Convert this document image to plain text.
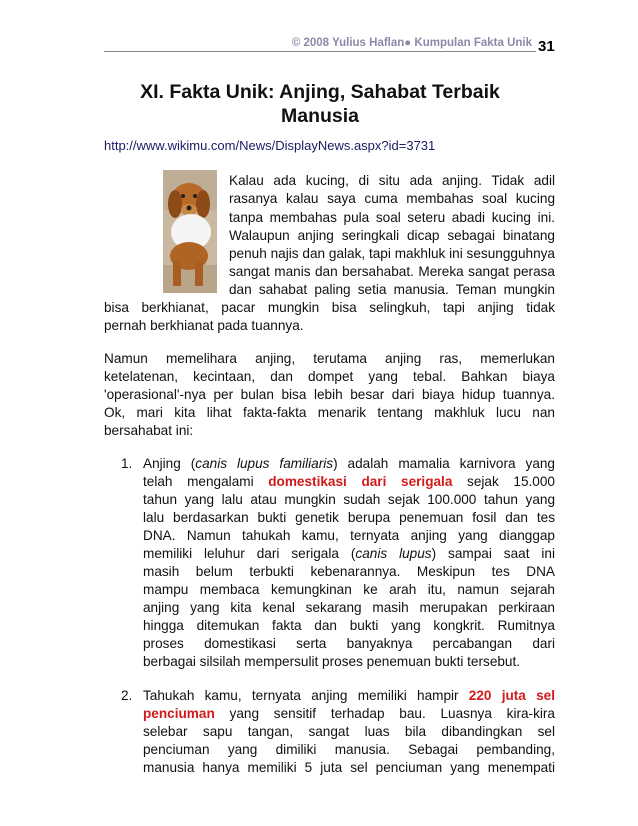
© 2008 Yulius Haflan● Kumpulan Fakta Unik 31
XI. Fakta Unik: Anjing, Sahabat Terbaik
Manusia
http://www.wikimu.com/News/DisplayNews.aspx?id=3731
Kalau ada kucing, di situ ada anjing. Tidak adil
rasanya kalau saya cuma membahas soal kucing
tanpa membahas pula soal seteru abadi kucing ini.
Walaupun anjing seringkali dicap sebagai binatang
penuh najis dan galak, tapi makhluk ini sesungguhnya
sangat manis dan bersahabat. Mereka sangat perasa
dan sahabat paling setia manusia. Teman mungkin
bisa berkhianat, pacar mungkin bisa selingkuh, tapi anjing tidak
pernah berkhianat pada tuannya.
Namun memelihara anjing, terutama anjing ras, memerlukan
ketelatenan, kecintaan, dan dompet yang tebal. Bahkan biaya
'operasional'-nya per bulan bisa lebih besar dari biaya hidup tuannya.
Ok, mari kita lihat fakta-fakta menarik tentang makhluk lucu nan
bersahabat ini:
1. Anjing (canis lupus familiaris) adalah mamalia karnivora yang
telah mengalami domestikasi dari serigala sejak 15.000
tahun yang lalu atau mungkin sudah sejak 100.000 tahun yang
lalu berdasarkan bukti genetik berupa penemuan fosil dan tes
DNA. Namun tahukah kamu, ternyata anjing yang dianggap
memiliki leluhur dari serigala (canis lupus) sampai saat ini
masih belum terbukti kebenarannya. Meskipun tes DNA
mampu membaca kemungkinan ke arah itu, namun sejarah
anjing yang kita kenal sekarang masih merupakan perkiraan
hingga ditemukan fakta dan bukti yang kongkrit. Rumitnya
proses domestikasi serta banyaknya percabangan dari
berbagai silsilah mempersulit proses penemuan bukti tersebut.
2. Tahukah kamu, ternyata anjing memiliki hampir 220 juta sel
penciuman yang sensitif terhadap bau. Luasnya kira-kira
selebar sapu tangan, sangat luas bila dibandingkan sel
penciuman yang dimiliki manusia. Sebagai pembanding,
manusia hanya memiliki 5 juta sel penciuman yang menempati
